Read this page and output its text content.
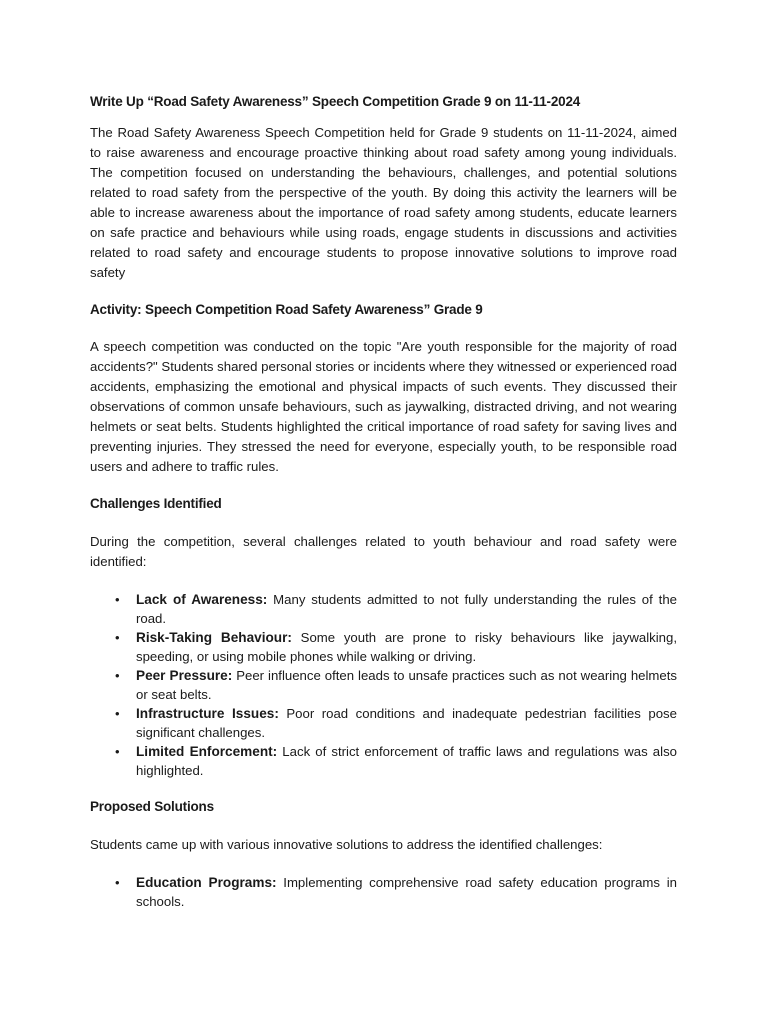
Write Up “Road Safety Awareness” Speech Competition Grade 9 on 11-11-2024

The Road Safety Awareness Speech Competition held for Grade 9 students on 11-11-2024, aimed to raise awareness and encourage proactive thinking about road safety among young individuals. The competition focused on understanding the behaviours, challenges, and potential solutions related to road safety from the perspective of the youth. By doing this activity the learners will be able to increase awareness about the importance of road safety among students, educate learners on safe practice and behaviours while using roads, engage students in discussions and activities related to road safety and encourage students to propose innovative solutions to improve road safety

Activity: Speech Competition Road Safety Awareness” Grade 9

A speech competition was conducted on the topic "Are youth responsible for the majority of road accidents?" Students shared personal stories or incidents where they witnessed or experienced road accidents, emphasizing the emotional and physical impacts of such events. They discussed their observations of common unsafe behaviours, such as jaywalking, distracted driving, and not wearing helmets or seat belts. Students highlighted the critical importance of road safety for saving lives and preventing injuries. They stressed the need for everyone, especially youth, to be responsible road users and adhere to traffic rules.

Challenges Identified

During the competition, several challenges related to youth behaviour and road safety were identified:

• Lack of Awareness: Many students admitted to not fully understanding the rules of the road.
• Risk-Taking Behaviour: Some youth are prone to risky behaviours like jaywalking, speeding, or using mobile phones while walking or driving.
• Peer Pressure: Peer influence often leads to unsafe practices such as not wearing helmets or seat belts.
• Infrastructure Issues: Poor road conditions and inadequate pedestrian facilities pose significant challenges.
• Limited Enforcement: Lack of strict enforcement of traffic laws and regulations was also highlighted.
Proposed Solutions

Students came up with various innovative solutions to address the identified challenges:

• Education Programs: Implementing comprehensive road safety education programs in schools.
